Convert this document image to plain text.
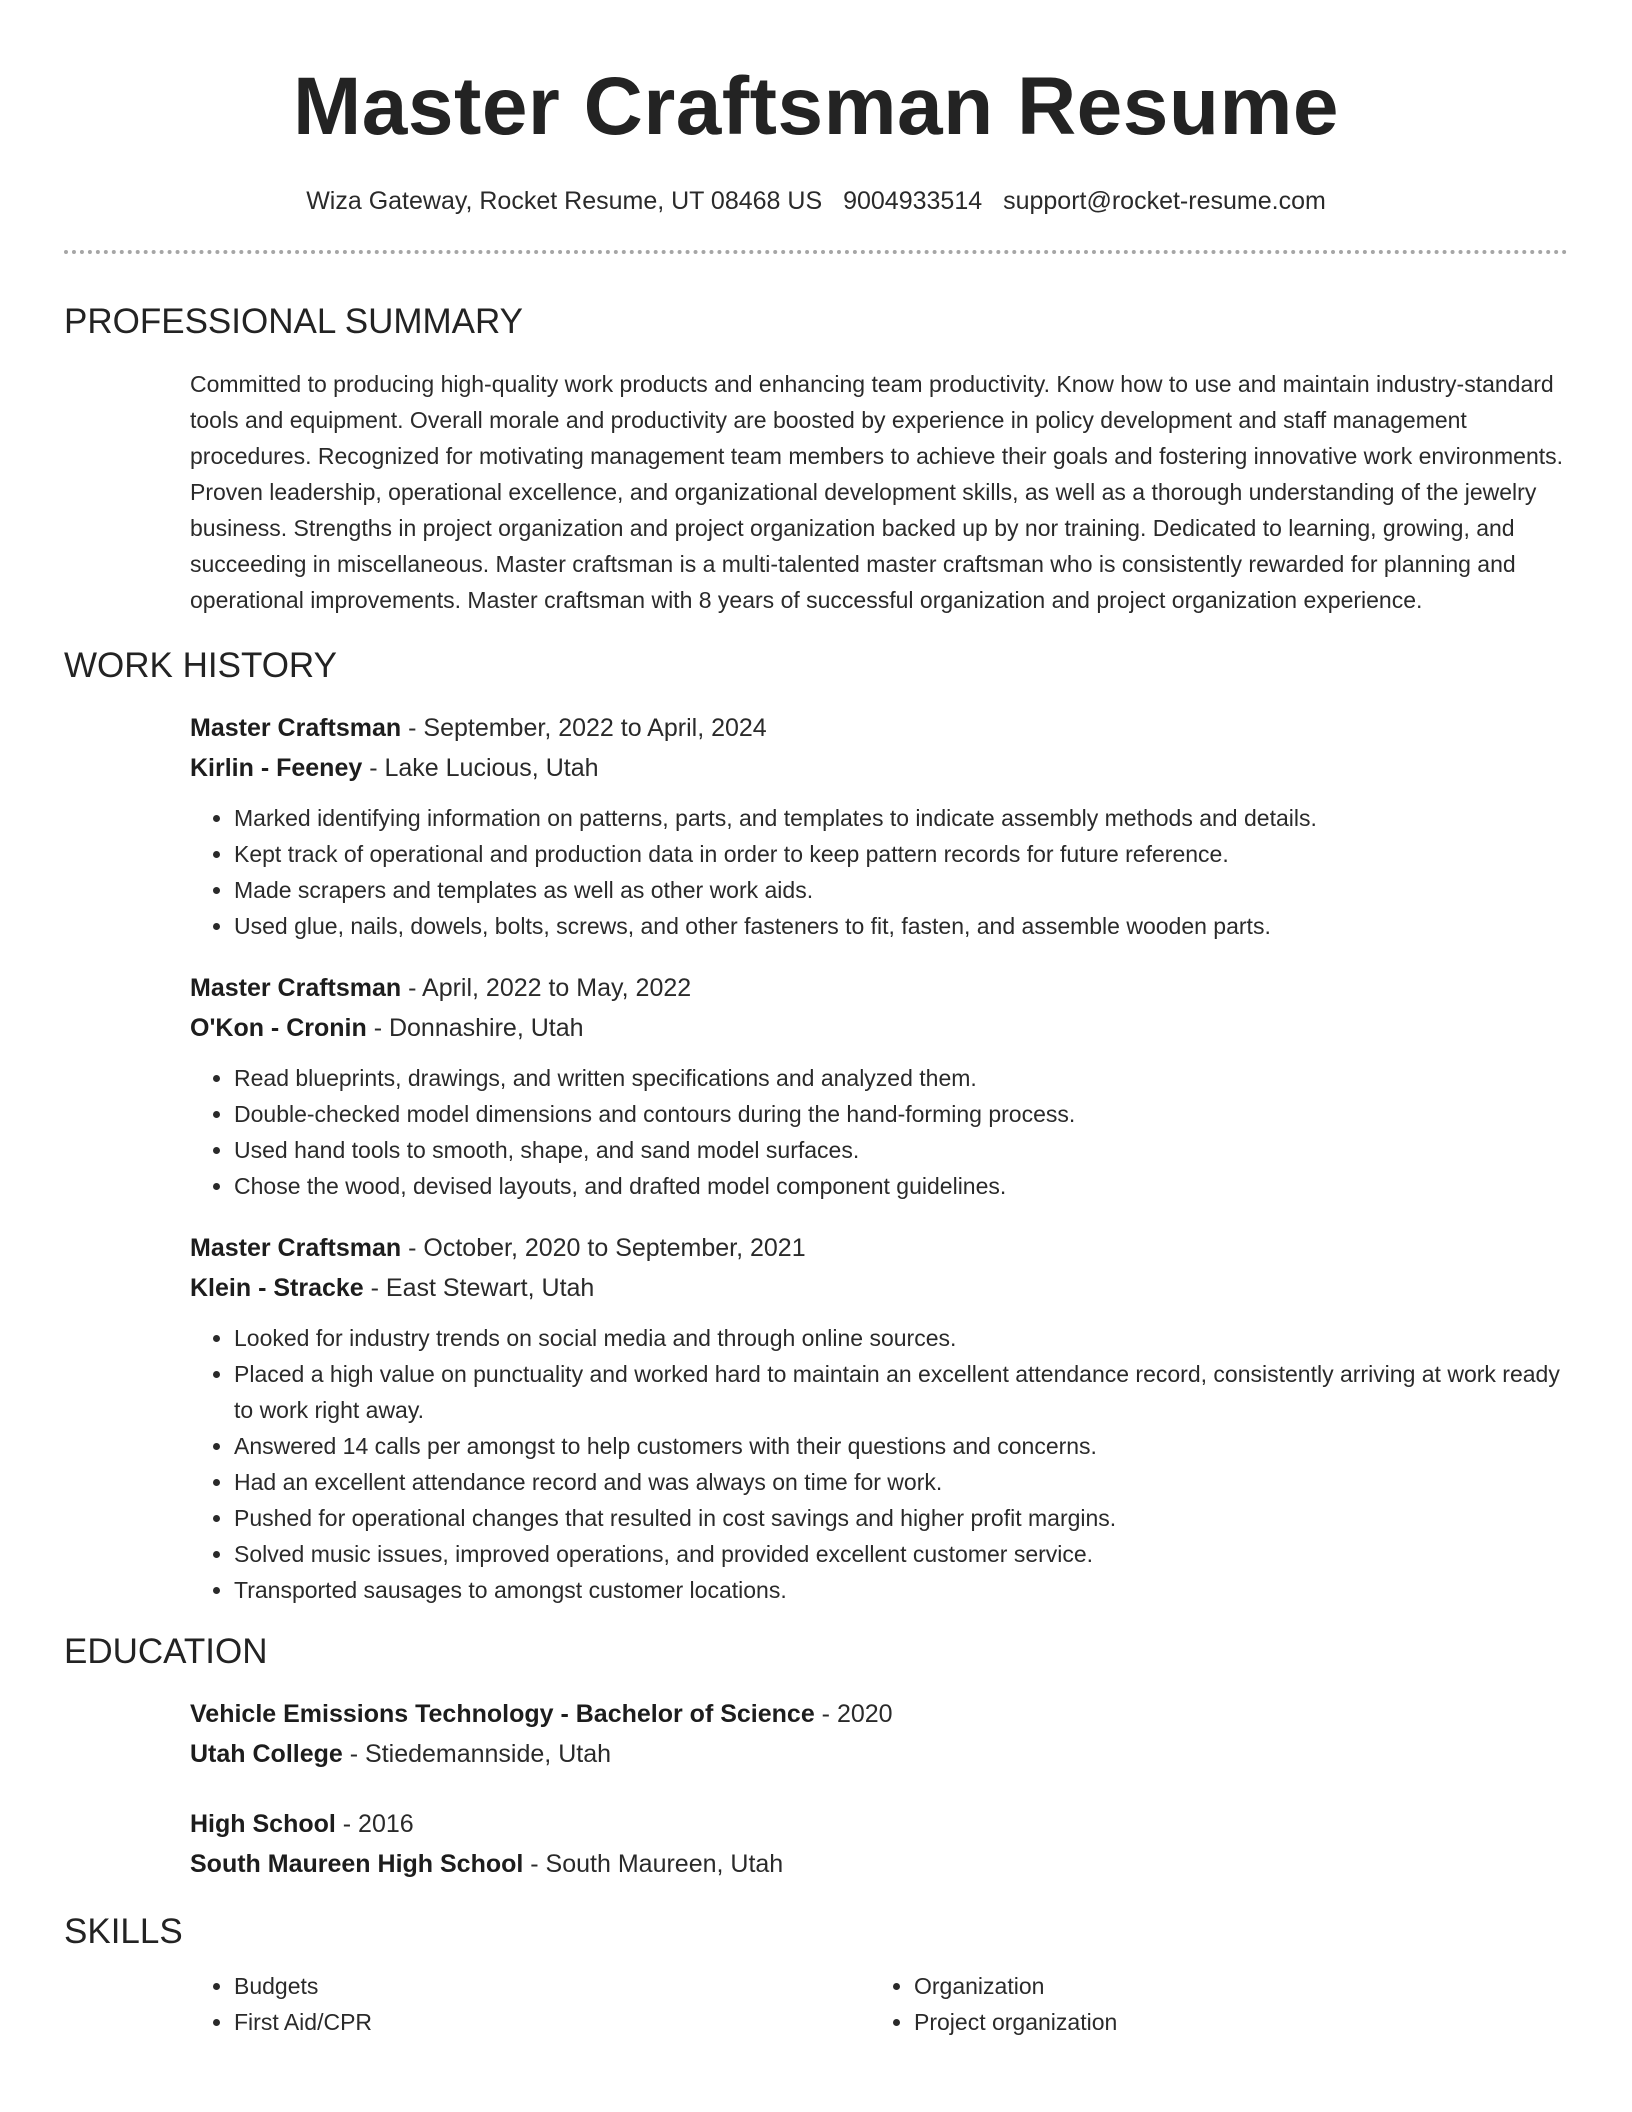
Master Craftsman Resume
Wiza Gateway, Rocket Resume, UT 08468 US 9004933514 support@rocket-resume.com
PROFESSIONAL SUMMARY

Committed to producing high-quality work products and enhancing team productivity. Know how to use and maintain industry-standard tools and equipment. Overall morale and productivity are boosted by experience in policy development and staff management procedures. Recognized for motivating management team members to achieve their goals and fostering innovative work environments. Proven leadership, operational excellence, and organizational development skills, as well as a thorough understanding of the jewelry business. Strengths in project organization and project organization backed up by nor training. Dedicated to learning, growing, and succeeding in miscellaneous. Master craftsman is a multi-talented master craftsman who is consistently rewarded for planning and operational improvements. Master craftsman with 8 years of successful organization and project organization experience.

WORK HISTORY

Master Craftsman - September, 2022 to April, 2024

Kirlin - Feeney - Lake Lucious, Utah

• Marked identifying information on patterns, parts, and templates to indicate assembly methods and details.
• Kept track of operational and production data in order to keep pattern records for future reference.
• Made scrapers and templates as well as other work aids.
• Used glue, nails, dowels, bolts, screws, and other fasteners to fit, fasten, and assemble wooden parts.

Master Craftsman - April, 2022 to May, 2022

O'Kon - Cronin - Donnashire, Utah

• Read blueprints, drawings, and written specifications and analyzed them.
• Double-checked model dimensions and contours during the hand-forming process.
• Used hand tools to smooth, shape, and sand model surfaces.
• Chose the wood, devised layouts, and drafted model component guidelines.

Master Craftsman - October, 2020 to September, 2021

Klein - Stracke - East Stewart, Utah

• Looked for industry trends on social media and through online sources.
• Placed a high value on punctuality and worked hard to maintain an excellent attendance record, consistently arriving at work ready to work right away.
• Answered 14 calls per amongst to help customers with their questions and concerns.
• Had an excellent attendance record and was always on time for work.
• Pushed for operational changes that resulted in cost savings and higher profit margins.
• Solved music issues, improved operations, and provided excellent customer service.
• Transported sausages to amongst customer locations.
EDUCATION

Vehicle Emissions Technology - Bachelor of Science - 2020

Utah College - Stiedemannside, Utah

High School - 2016

South Maureen High School - South Maureen, Utah

SKILLS
• Budgets
• First Aid/CPR
• Organization
• Project organization
